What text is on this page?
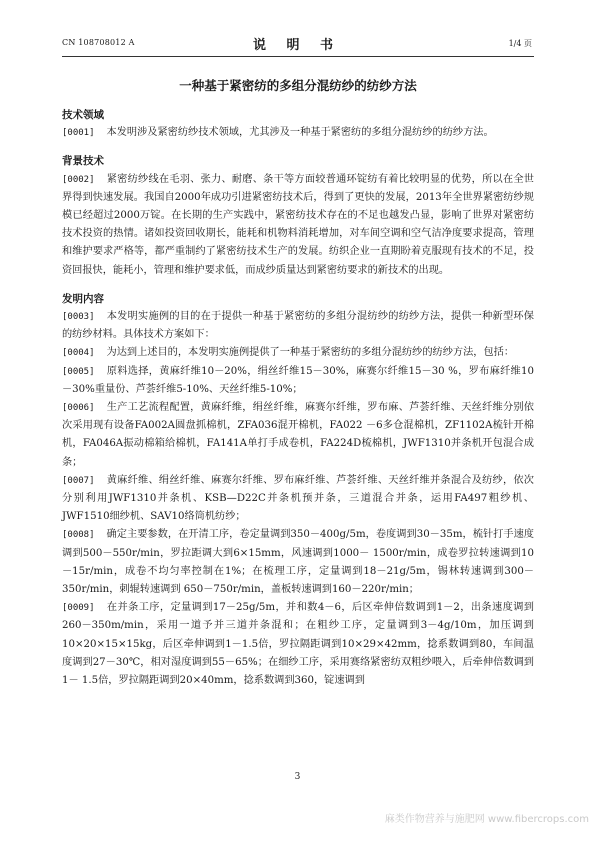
CN 108708012 A	说 明 书	1/4 页
一种基于紧密纺的多组分混纺纱的纺纱方法
技术领域
[0001] 本发明涉及紧密纺纱技术领域，尤其涉及一种基于紧密纺的多组分混纺纱的纺纱方法。
背景技术
[0002] 紧密纺纱线在毛羽、张力、耐磨、条干等方面较普通环锭纺有着比较明显的优势，所以在全世界得到快速发展。我国自2000年成功引进紧密纺技术后，得到了更快的发展，2013年全世界紧密纺纱规模已经超过2000万锭。在长期的生产实践中，紧密纺技术存在的不足也越发凸显，影响了世界对紧密纺技术投资的热情。诸如投资回收期长，能耗和机物料消耗增加，对车间空调和空气洁净度要求提高，管理和维护要求严格等，都严重制约了紧密纺技术生产的发展。纺织企业一直期盼着克服现有技术的不足，投资回报快，能耗小，管理和维护要求低，而成纱质量达到紧密纺要求的新技术的出现。
发明内容
[0003] 本发明实施例的目的在于提供一种基于紧密纺的多组分混纺纱的纺纱方法，提供一种新型环保的纺纱材料。具体技术方案如下：
[0004] 为达到上述目的，本发明实施例提供了一种基于紧密纺的多组分混纺纱的纺纱方法，包括：
[0005] 原料选择，黄麻纤维10－20%，绢丝纤维15－30%，麻赛尔纤维15－30 %，罗布麻纤维10－30%重量份、芦荟纤维5-10%、天丝纤维5-10%；
[0006] 生产工艺流程配置，黄麻纤维，绢丝纤维，麻赛尔纤维，罗布麻、芦荟纤维、天丝纤维分别依次采用现有设备FA002A圆盘抓棉机，ZFA036混开棉机，FA022 －6多仓混棉机，ZF1102A梳针开棉机，FA046A振动棉箱给棉机，FA141A单打手成卷机，FA224D梳棉机，JWF1310并条机开包混合成条；
[0007] 黄麻纤维、绢丝纤维、麻赛尔纤维、罗布麻纤维、芦荟纤维、天丝纤维并条混合及纺纱，依次分别利用JWF1310并条机、KSB—D22C并条机预并条，三道混合并条，运用FA497粗纱机、JWF1510细纱机、SAV10络筒机纺纱；
[0008] 确定主要参数，在开清工序，卷定量调到350－400g/5m，卷度调到30－35m，梳针打手速度调到500－550r/min，罗拉距调大到6×15mm，风速调到1000－ 1500r/min，成卷罗拉转速调到10－15r/min，成卷不均匀率控制在1%；在梳理工序，定量调到18－21g/5m，锡林转速调到300－350r/min，刺辊转速调到 650－750r/min，盖板转速调到160－220r/min；
[0009] 在并条工序，定量调到17－25g/5m，并和数4－6，后区牵伸倍数调到1－2，出条速度调到260－350m/min，采用一道予并三道并条混和；在粗纱工序，定量调到3－4g/10m，加压调到10×20×15×15kg，后区牵伸调到1－1.5倍，罗拉隔距调到10×29×42mm，捻系数调到80，车间温度调到27－30℃，相对湿度调到55－65%；在细纱工序，采用赛络紧密纺双粗纱喂入，后牵伸倍数调到1－ 1.5倍，罗拉隔距调到20×40mm，捻系数调到360，锭速调到
3
麻类作物营养与施肥网 www.fibercrops.com
